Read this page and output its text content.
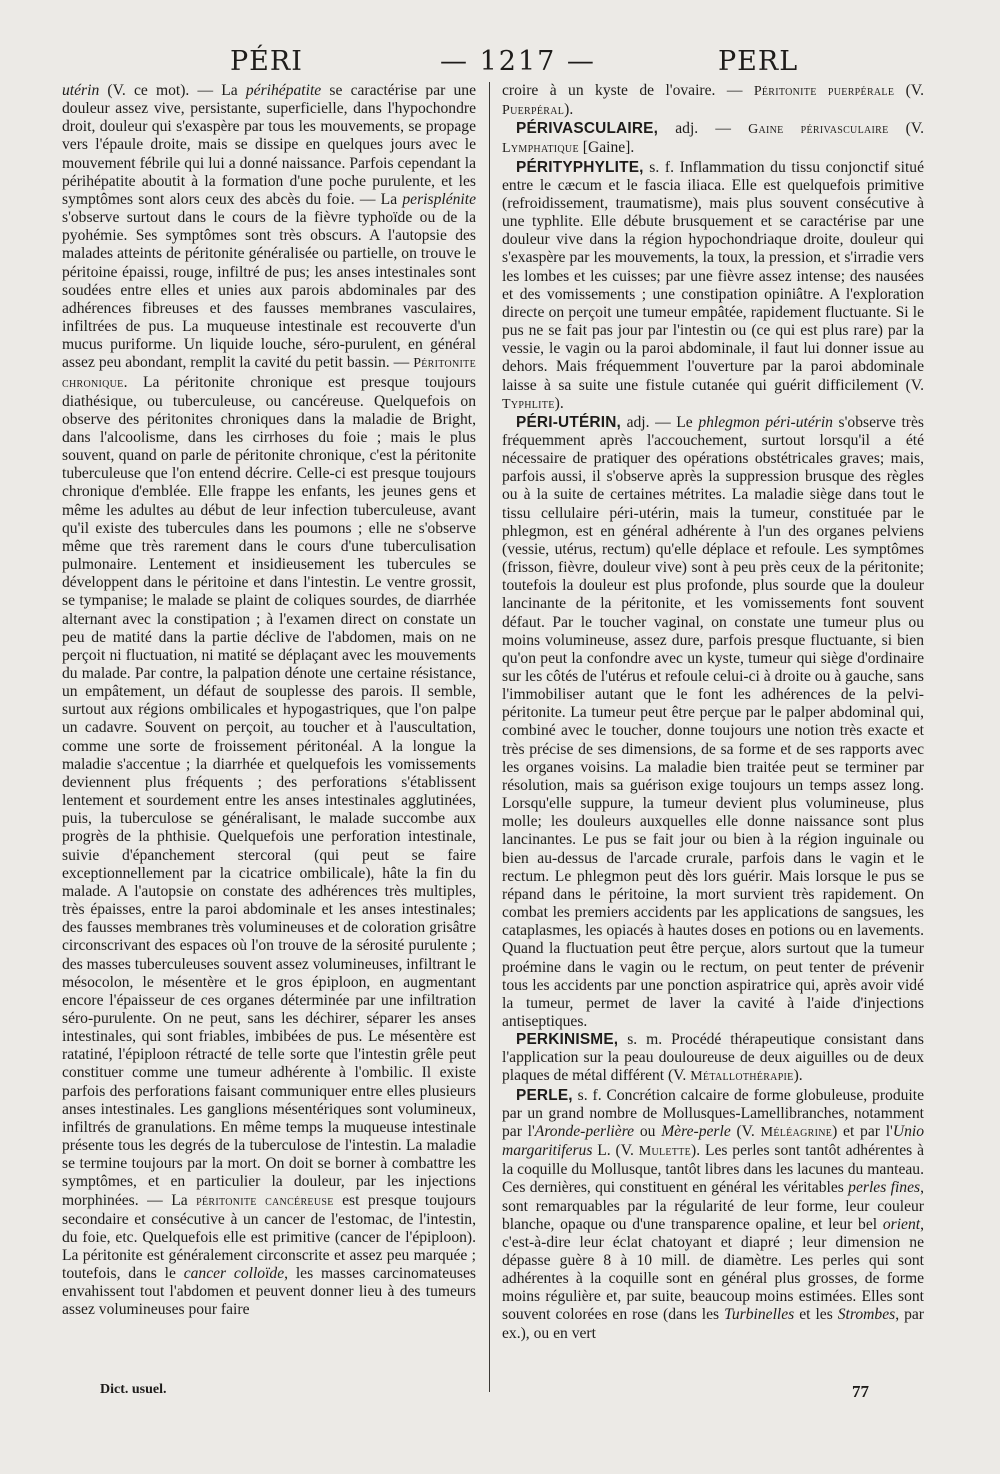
PÉRI	— 1217 —	PERL

utérin (V. ce mot). — La périhépatite se caractérise par une douleur assez vive, persistante, superficielle, dans l'hypochondre droit, douleur qui s'exaspère par tous les mouvements, se propage vers l'épaule droite, mais se dissipe en quelques jours avec le mouvement fébrile qui lui a donné naissance. Parfois cependant la périhépatite aboutit à la formation d'une poche purulente, et les symptômes sont alors ceux des abcès du foie. — La perisplénite s'observe surtout dans le cours de la fièvre typhoïde ou de la pyohémie. Ses symptômes sont très obscurs. A l'autopsie des malades atteints de péritonite généralisée ou partielle, on trouve le péritoine épaissi, rouge, infiltré de pus; les anses intestinales sont soudées entre elles et unies aux parois abdominales par des adhérences fibreuses et des fausses membranes vasculaires, infiltrées de pus. La muqueuse intestinale est recouverte d'un mucus puriforme. Un liquide louche, séro-purulent, en général assez peu abondant, remplit la cavité du petit bassin. — Péritonite chronique. La péritonite chronique est presque toujours diathésique, ou tuberculeuse, ou cancéreuse. Quelquefois on observe des péritonites chroniques dans la maladie de Bright, dans l'alcoolisme, dans les cirrhoses du foie ; mais le plus souvent, quand on parle de péritonite chronique, c'est la péritonite tuberculeuse que l'on entend décrire. Celle-ci est presque toujours chronique d'emblée. Elle frappe les enfants, les jeunes gens et même les adultes au début de leur infection tuberculeuse, avant qu'il existe des tubercules dans les poumons ; elle ne s'observe même que très rarement dans le cours d'une tuberculisation pulmonaire. Lentement et insidieusement les tubercules se développent dans le péritoine et dans l'intestin. Le ventre grossit, se tympanise; le malade se plaint de coliques sourdes, de diarrhée alternant avec la constipation ; à l'examen direct on constate un peu de matité dans la partie déclive de l'abdomen, mais on ne perçoit ni fluctuation, ni matité se déplaçant avec les mouvements du malade. Par contre, la palpation dénote une certaine résistance, un empâtement, un défaut de souplesse des parois. Il semble, surtout aux régions ombilicales et hypogastriques, que l'on palpe un cadavre. Souvent on perçoit, au toucher et à l'auscultation, comme une sorte de froissement péritonéal. A la longue la maladie s'accentue ; la diarrhée et quelquefois les vomissements deviennent plus fréquents ; des perforations s'établissent lentement et sourdement entre les anses intestinales agglutinées, puis, la tuberculose se généralisant, le malade succombe aux progrès de la phthisie. Quelquefois une perforation intestinale, suivie d'épanchement stercoral (qui peut se faire exceptionnellement par la cicatrice ombilicale), hâte la fin du malade. A l'autopsie on constate des adhérences très multiples, très épaisses, entre la paroi abdominale et les anses intestinales; des fausses membranes très volumineuses et de coloration grisâtre circonscrivant des espaces où l'on trouve de la sérosité purulente ; des masses tuberculeuses souvent assez volumineuses, infiltrant le mésocolon, le mésentère et le gros épiploon, en augmentant encore l'épaisseur de ces organes déterminée par une infiltration séro-purulente. On ne peut, sans les déchirer, séparer les anses intestinales, qui sont friables, imbibées de pus. Le mésentère est ratatiné, l'épiploon rétracté de telle sorte que l'intestin grêle peut constituer comme une tumeur adhérente à l'ombilic. Il existe parfois des perforations faisant communiquer entre elles plusieurs anses intestinales. Les ganglions mésentériques sont volumineux, infiltrés de granulations. En même temps la muqueuse intestinale présente tous les degrés de la tuberculose de l'intestin. La maladie se termine toujours par la mort. On doit se borner à combattre les symptômes, et en particulier la douleur, par les injections morphinées. — La péritonite cancéreuse est presque toujours secondaire et consécutive à un cancer de l'estomac, de l'intestin, du foie, etc. Quelquefois elle est primitive (cancer de l'épiploon). La péritonite est généralement circonscrite et assez peu marquée ; toutefois, dans le cancer colloïde, les masses carcinomateuses envahissent tout l'abdomen et peuvent donner lieu à des tumeurs assez volumineuses pour faire

croire à un kyste de l'ovaire. — Péritonite puerpérale (V. Puerpéral).

PÉRIVASCULAIRE, adj. — Gaine périvasculaire (V. Lymphatique [Gaine].

PÉRITYPHYLITE, s. f. Inflammation du tissu conjonctif situé entre le cæcum et le fascia iliaca. Elle est quelquefois primitive (refroidissement, traumatisme), mais plus souvent consécutive à une typhlite. Elle débute brusquement et se caractérise par une douleur vive dans la région hypochondriaque droite, douleur qui s'exaspère par les mouvements, la toux, la pression, et s'irradie vers les lombes et les cuisses; par une fièvre assez intense; des nausées et des vomissements ; une constipation opiniâtre. A l'exploration directe on perçoit une tumeur empâtée, rapidement fluctuante. Si le pus ne se fait pas jour par l'intestin ou (ce qui est plus rare) par la vessie, le vagin ou la paroi abdominale, il faut lui donner issue au dehors. Mais fréquemment l'ouverture par la paroi abdominale laisse à sa suite une fistule cutanée qui guérit difficilement (V. Typhlite).

PÉRI-UTÉRIN, adj. — Le phlegmon péri-utérin s'observe très fréquemment après l'accouchement, surtout lorsqu'il a été nécessaire de pratiquer des opérations obstétricales graves; mais, parfois aussi, il s'observe après la suppression brusque des règles ou à la suite de certaines métrites. La maladie siège dans tout le tissu cellulaire péri-utérin, mais la tumeur, constituée par le phlegmon, est en général adhérente à l'un des organes pelviens (vessie, utérus, rectum) qu'elle déplace et refoule. Les symptômes (frisson, fièvre, douleur vive) sont à peu près ceux de la péritonite; toutefois la douleur est plus profonde, plus sourde que la douleur lancinante de la péritonite, et les vomissements font souvent défaut. Par le toucher vaginal, on constate une tumeur plus ou moins volumineuse, assez dure, parfois presque fluctuante, si bien qu'on peut la confondre avec un kyste, tumeur qui siège d'ordinaire sur les côtés de l'utérus et refoule celui-ci à droite ou à gauche, sans l'immobiliser autant que le font les adhérences de la pelvi-péritonite. La tumeur peut être perçue par le palper abdominal qui, combiné avec le toucher, donne toujours une notion très exacte et très précise de ses dimensions, de sa forme et de ses rapports avec les organes voisins. La maladie bien traitée peut se terminer par résolution, mais sa guérison exige toujours un temps assez long. Lorsqu'elle suppure, la tumeur devient plus volumineuse, plus molle; les douleurs auxquelles elle donne naissance sont plus lancinantes. Le pus se fait jour ou bien à la région inguinale ou bien au-dessus de l'arcade crurale, parfois dans le vagin et le rectum. Le phlegmon peut dès lors guérir. Mais lorsque le pus se répand dans le péritoine, la mort survient très rapidement. On combat les premiers accidents par les applications de sangsues, les cataplasmes, les opiacés à hautes doses en potions ou en lavements. Quand la fluctuation peut être perçue, alors surtout que la tumeur proémine dans le vagin ou le rectum, on peut tenter de prévenir tous les accidents par une ponction aspiratrice qui, après avoir vidé la tumeur, permet de laver la cavité à l'aide d'injections antiseptiques.

PERKINISME, s. m. Procédé thérapeutique consistant dans l'application sur la peau douloureuse de deux aiguilles ou de deux plaques de métal différent (V. Métallothérapie).

PERLE, s. f. Concrétion calcaire de forme globuleuse, produite par un grand nombre de Mollusques-Lamellibranches, notamment par l'Aronde-perlière ou Mère-perle (V. Méléagrine) et par l'Unio margaritiferus L. (V. Mulette). Les perles sont tantôt adhérentes à la coquille du Mollusque, tantôt libres dans les lacunes du manteau. Ces dernières, qui constituent en général les véritables perles fines, sont remarquables par la régularité de leur forme, leur couleur blanche, opaque ou d'une transparence opaline, et leur bel orient, c'est-à-dire leur éclat chatoyant et diapré ; leur dimension ne dépasse guère 8 à 10 mill. de diamètre. Les perles qui sont adhérentes à la coquille sont en général plus grosses, de forme moins régulière et, par suite, beaucoup moins estimées. Elles sont souvent colorées en rose (dans les Turbinelles et les Strombes, par ex.), ou en vert

Dict. usuel.	77
